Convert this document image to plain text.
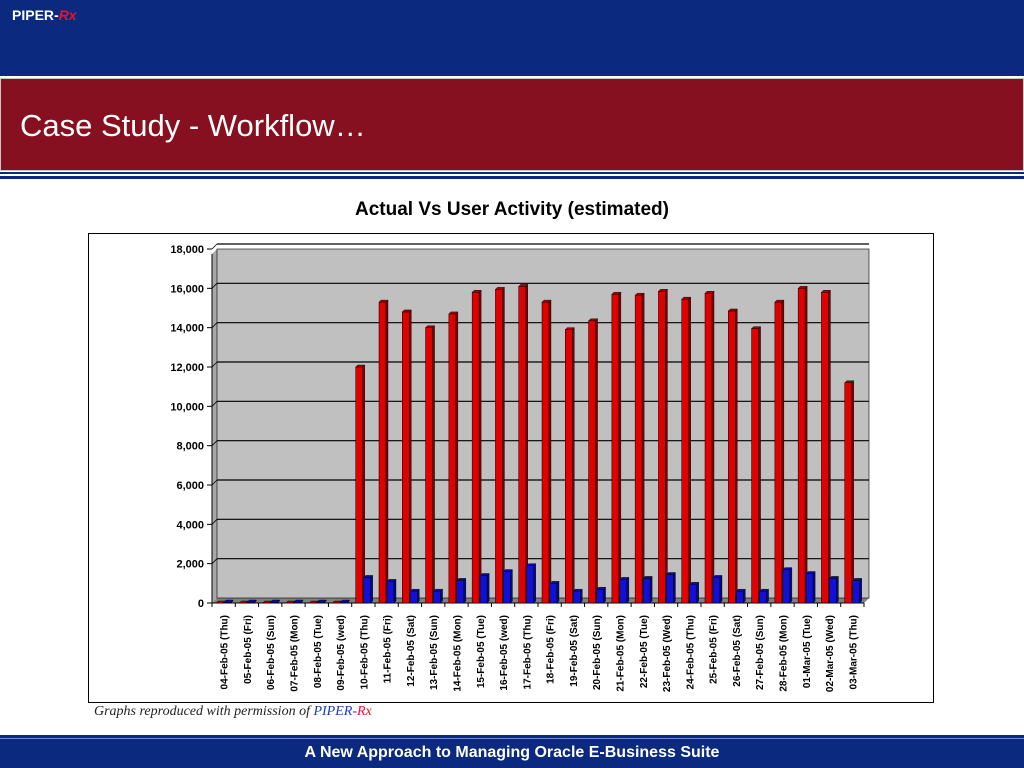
PIPER-Rx
Case Study - Workflow…
Actual Vs User Activity (estimated)
0
2,000
4,000
6,000
8,000
10,000
12,000
14,000
16,000
18,000
04-Feb-05 (Thu) 05-Feb-05 (Fri) 06-Feb-05 (Sun) 07-Feb-05 (Mon) 08-Feb-05 (Tue) 09-Feb-05 (wed) 10-Feb-05 (Thu) 11-Feb-05 (Fri) 12-Feb-05 (Sat) 13-Feb-05 (Sun) 14-Feb-05 (Mon) 15-Feb-05 (Tue) 16-Feb-05 (wed) 17-Feb-05 (Thu) 18-Feb-05 (Fri) 19-Feb-05 (Sat) 20-Feb-05 (Sun) 21-Feb-05 (Mon) 22-Feb-05 (Tue) 23-Feb-05 (Wed) 24-Feb-05 (Thu) 25-Feb-05 (Fri) 26-Feb-05 (Sat) 27-Feb-05 (Sun) 28-Feb-05 (Mon) 01-Mar-05 (Tue) 02-Mar-05 (Wed) 03-Mar-05 (Thu)
Graphs reproduced with permission of PIPER-Rx
A New Approach to Managing Oracle E-Business Suite
